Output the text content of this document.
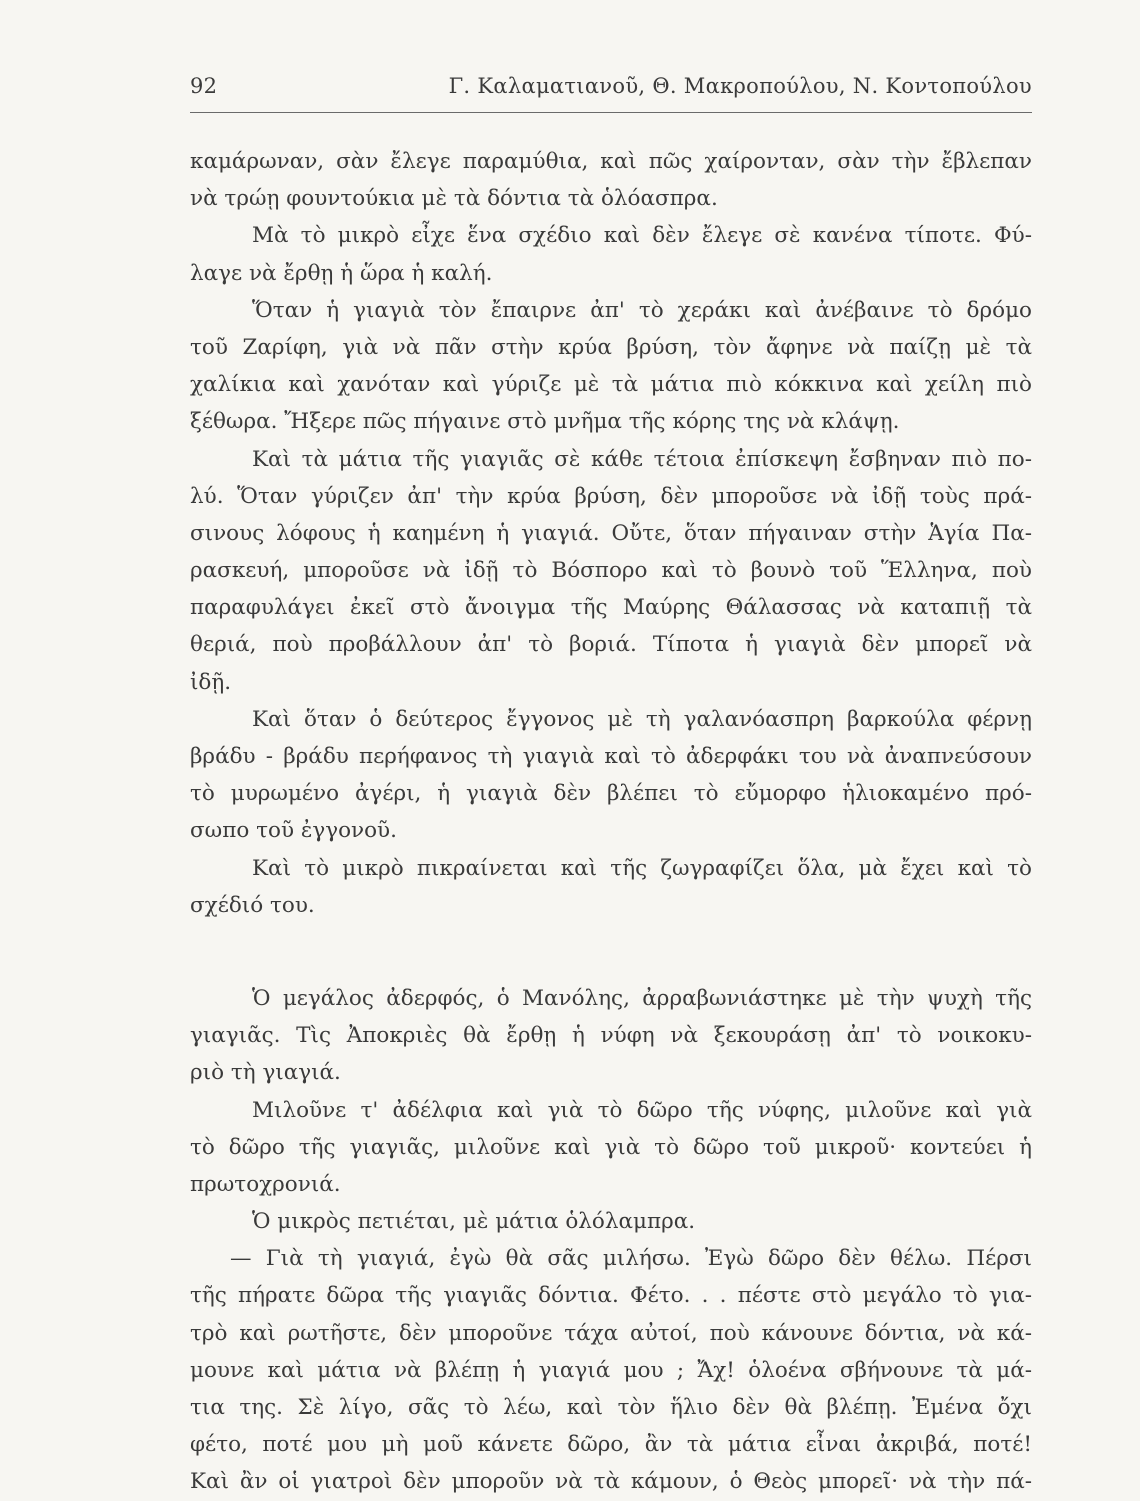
92	Γ. Καλαματιανοῦ, Θ. Μακροπούλου, Ν. Κοντοπούλου
καμάρωναν, σὰν ἔλεγε παραμύθια, καὶ πῶς χαίρονταν, σὰν τὴν ἔβλεπαν
νὰ τρώῃ φουντούκια μὲ τὰ δόντια τὰ ὁλόασπρα.
Μὰ τὸ μικρὸ εἶχε ἕνα σχέδιο καὶ δὲν ἔλεγε σὲ κανένα τίποτε. Φύ-
λαγε νὰ ἔρθῃ ἡ ὥρα ἡ καλή.
Ὅταν ἡ γιαγιὰ τὸν ἔπαιρνε ἀπ' τὸ χεράκι καὶ ἀνέβαινε τὸ δρόμο
τοῦ Ζαρίφη, γιὰ νὰ πᾶν στὴν κρύα βρύση, τὸν ἄφηνε νὰ παίζῃ μὲ τὰ
χαλίκια καὶ χανόταν καὶ γύριζε μὲ τὰ μάτια πιὸ κόκκινα καὶ χείλη πιὸ
ξέθωρα. Ἤξερε πῶς πήγαινε στὸ μνῆμα τῆς κόρης της νὰ κλάψῃ.
Καὶ τὰ μάτια τῆς γιαγιᾶς σὲ κάθε τέτοια ἐπίσκεψη ἔσβηναν πιὸ πο-
λύ. Ὅταν γύριζεν ἀπ' τὴν κρύα βρύση, δὲν μποροῦσε νὰ ἰδῇ τοὺς πρά-
σινους λόφους ἡ καημένη ἡ γιαγιά. Οὔτε, ὅταν πήγαιναν στὴν Ἁγία Πα-
ρασκευή, μποροῦσε νὰ ἰδῇ τὸ Βόσπορο καὶ τὸ βουνὸ τοῦ Ἕλληνα, ποὺ
παραφυλάγει ἐκεῖ στὸ ἄνοιγμα τῆς Μαύρης Θάλασσας νὰ καταπιῇ τὰ
θεριά, ποὺ προβάλλουν ἀπ' τὸ βοριά. Τίποτα ἡ γιαγιὰ δὲν μπορεῖ νὰ
ἰδῇ.
Καὶ ὅταν ὁ δεύτερος ἔγγονος μὲ τὴ γαλανόασπρη βαρκούλα φέρνῃ
βράδυ - βράδυ περήφανος τὴ γιαγιὰ καὶ τὸ ἀδερφάκι του νὰ ἀναπνεύσουν
τὸ μυρωμένο ἀγέρι, ἡ γιαγιὰ δὲν βλέπει τὸ εὔμορφο ἡλιοκαμένο πρό-
σωπο τοῦ ἐγγονοῦ.
Καὶ τὸ μικρὸ πικραίνεται καὶ τῆς ζωγραφίζει ὅλα, μὰ ἔχει καὶ τὸ
σχέδιό του.
Ὁ μεγάλος ἀδερφός, ὁ Μανόλης, ἀρραβωνιάστηκε μὲ τὴν ψυχὴ τῆς
γιαγιᾶς. Τὶς Ἀποκριὲς θὰ ἔρθῃ ἡ νύφη νὰ ξεκουράσῃ ἀπ' τὸ νοικοκυ-
ριὸ τὴ γιαγιά.
Μιλοῦνε τ' ἀδέλφια καὶ γιὰ τὸ δῶρο τῆς νύφης, μιλοῦνε καὶ γιὰ
τὸ δῶρο τῆς γιαγιᾶς, μιλοῦνε καὶ γιὰ τὸ δῶρο τοῦ μικροῦ· κοντεύει ἡ
πρωτοχρονιά.
Ὁ μικρὸς πετιέται, μὲ μάτια ὁλόλαμπρα.
— Γιὰ τὴ γιαγιά, ἐγὼ θὰ σᾶς μιλήσω. Ἐγὼ δῶρο δὲν θέλω. Πέρσι
τῆς πήρατε δῶρα τῆς γιαγιᾶς δόντια. Φέτο. . . πέστε στὸ μεγάλο τὸ για-
τρὸ καὶ ρωτῆστε, δὲν μποροῦνε τάχα αὐτοί, ποὺ κάνουνε δόντια, νὰ κά-
μουνε καὶ μάτια νὰ βλέπῃ ἡ γιαγιά μου ; Ἄχ! ὁλοένα σβήνουνε τὰ μά-
τια της. Σὲ λίγο, σᾶς τὸ λέω, καὶ τὸν ἥλιο δὲν θὰ βλέπῃ. Ἐμένα ὄχι
φέτο, ποτέ μου μὴ μοῦ κάνετε δῶρο, ἂν τὰ μάτια εἶναι ἀκριβά, ποτέ!
Καὶ ἂν οἱ γιατροὶ δὲν μποροῦν νὰ τὰ κάμουν, ὁ Θεὸς μπορεῖ· νὰ τὴν πά-
